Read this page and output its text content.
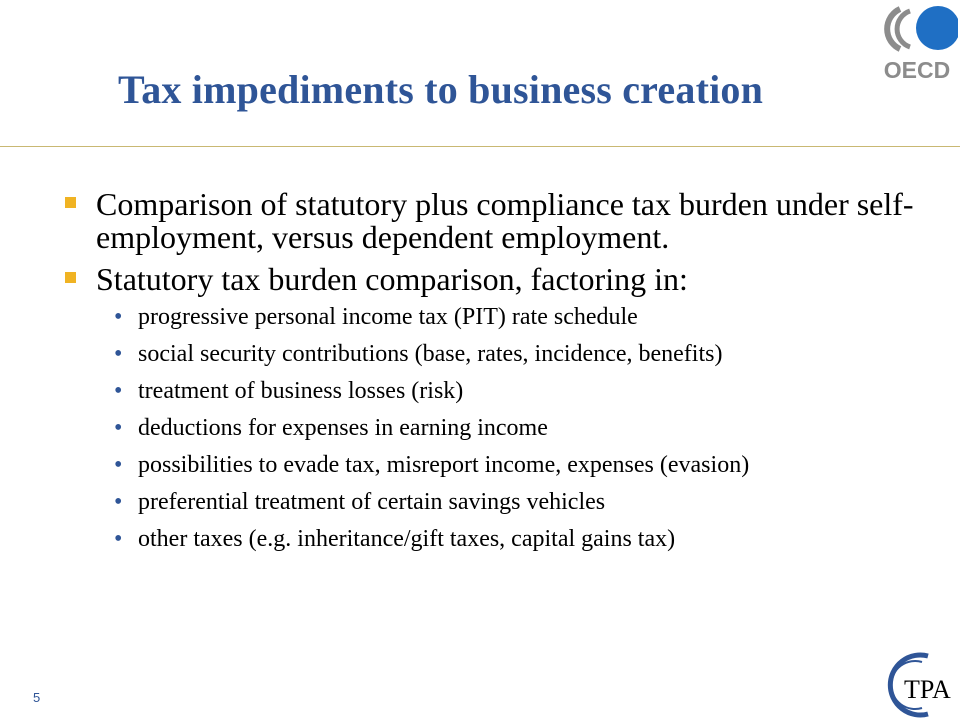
OECD
Tax impediments to business creation
Comparison of statutory plus compliance tax burden under self-employment, versus dependent employment.
Statutory tax burden comparison, factoring in:
• progressive personal income tax (PIT) rate schedule
• social security contributions (base, rates, incidence, benefits)
• treatment of business losses (risk)
• deductions for expenses in earning income
• possibilities to evade tax, misreport income, expenses (evasion)
• preferential treatment of certain savings vehicles
• other taxes (e.g. inheritance/gift taxes, capital gains tax)
5	TPA
